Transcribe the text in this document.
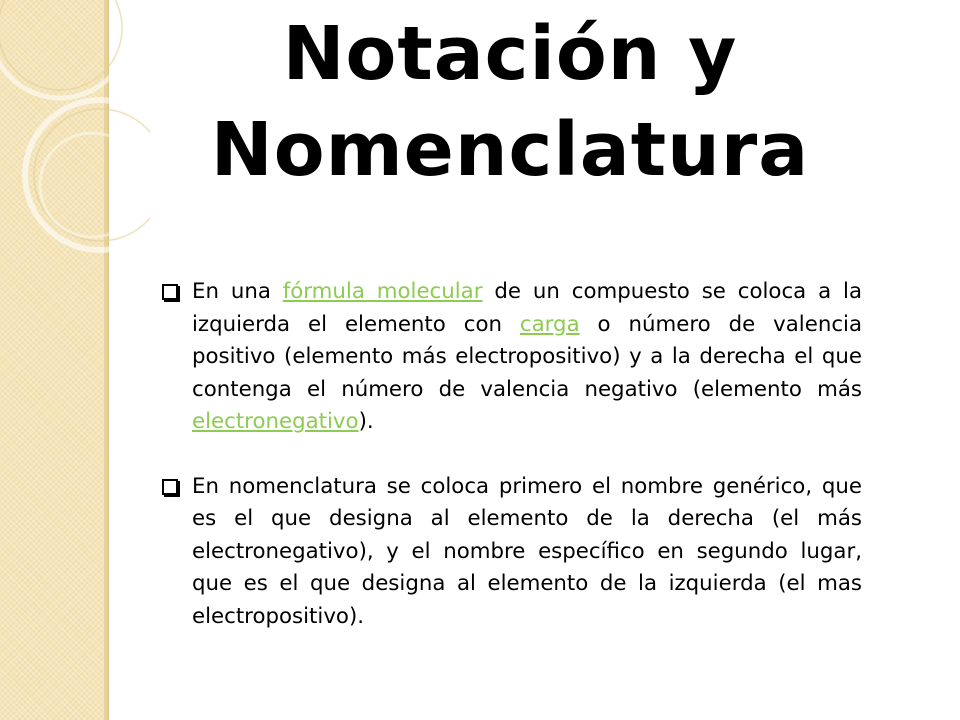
Notación y
Nomenclatura

En una fórmula molecular de un compuesto se coloca a la izquierda el elemento con carga o número de valencia positivo (elemento más electropositivo) y a la derecha el que contenga el número de valencia negativo (elemento más electronegativo).

En nomenclatura se coloca primero el nombre genérico, que es el que designa al elemento de la derecha (el más electronegativo), y el nombre específico en segundo lugar, que es el que designa al elemento de la izquierda (el mas electropositivo).
